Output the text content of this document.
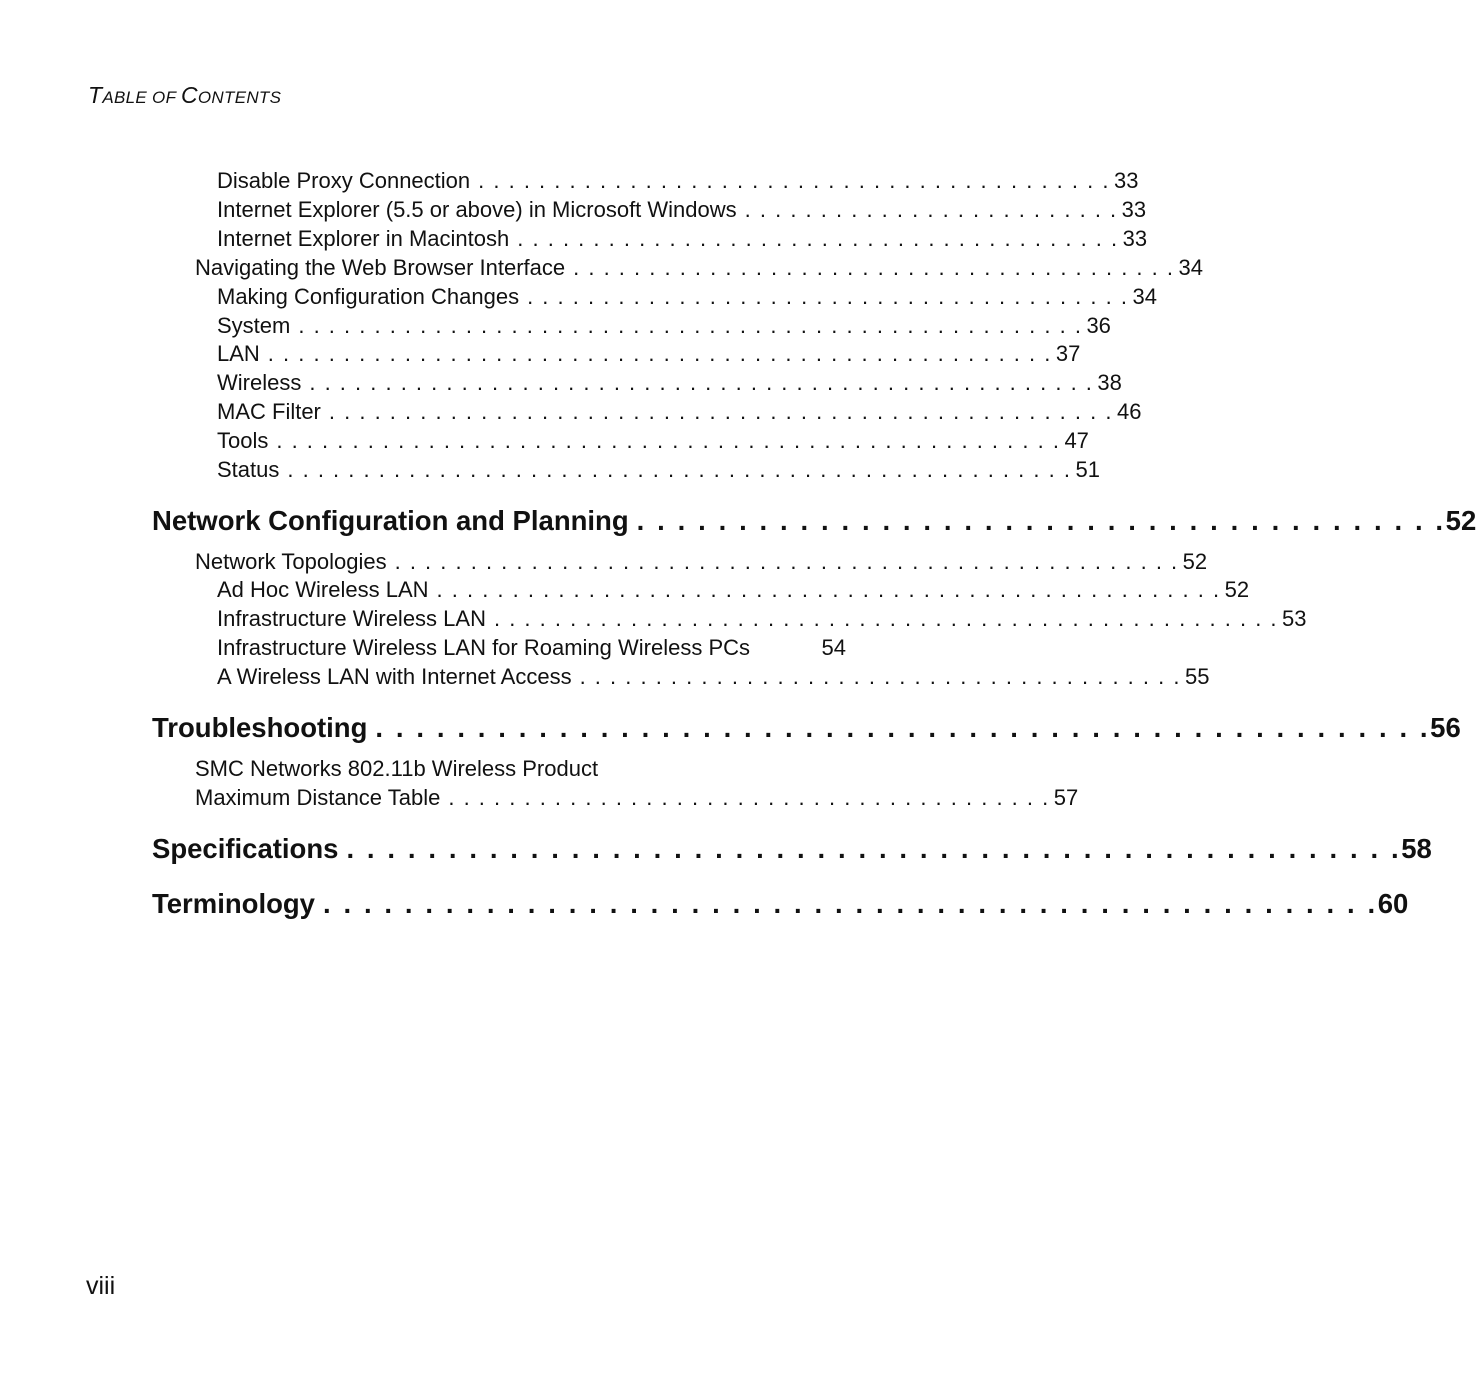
TABLE OF CONTENTS
Disable Proxy Connection . . . . . . . . . . . . . . . . . . . . . . . . . . . . . . . . . . . . . . . . . . 33
Internet Explorer (5.5 or above) in Microsoft Windows . . . . . . . . . . . . . . . . . . . . . . . . . 33
Internet Explorer in Macintosh . . . . . . . . . . . . . . . . . . . . . . . . . . . . . . . . . . . . . . . . 33
Navigating the Web Browser Interface . . . . . . . . . . . . . . . . . . . . . . . . . . . . . . . . . . . . . . . . 34
Making Configuration Changes . . . . . . . . . . . . . . . . . . . . . . . . . . . . . . . . . . . . . . . . 34
System . . . . . . . . . . . . . . . . . . . . . . . . . . . . . . . . . . . . . . . . . . . . . . . . . . . . 36
LAN . . . . . . . . . . . . . . . . . . . . . . . . . . . . . . . . . . . . . . . . . . . . . . . . . . . . 37
Wireless . . . . . . . . . . . . . . . . . . . . . . . . . . . . . . . . . . . . . . . . . . . . . . . . . . . . 38
MAC Filter . . . . . . . . . . . . . . . . . . . . . . . . . . . . . . . . . . . . . . . . . . . . . . . . . . . . 46
Tools . . . . . . . . . . . . . . . . . . . . . . . . . . . . . . . . . . . . . . . . . . . . . . . . . . . . 47
Status . . . . . . . . . . . . . . . . . . . . . . . . . . . . . . . . . . . . . . . . . . . . . . . . . . . . 51
Network Configuration and Planning . . . . . . . . . . . . . . . . . . . . . . . . . . . . . . . . . . . . . . . . 52
Network Topologies . . . . . . . . . . . . . . . . . . . . . . . . . . . . . . . . . . . . . . . . . . . . . . . . . . . . 52
Ad Hoc Wireless LAN . . . . . . . . . . . . . . . . . . . . . . . . . . . . . . . . . . . . . . . . . . . . . . . . . . . . 52
Infrastructure Wireless LAN . . . . . . . . . . . . . . . . . . . . . . . . . . . . . . . . . . . . . . . . . . . . . . . . . . . . 53
Infrastructure Wireless LAN for Roaming Wireless PCs	54
A Wireless LAN with Internet Access . . . . . . . . . . . . . . . . . . . . . . . . . . . . . . . . . . . . . . . . 55
Troubleshooting . . . . . . . . . . . . . . . . . . . . . . . . . . . . . . . . . . . . . . . . . . . . . . . . . . . . 56
SMC Networks 802.11b Wireless Product
Maximum Distance Table . . . . . . . . . . . . . . . . . . . . . . . . . . . . . . . . . . . . . . . . 57
Specifications . . . . . . . . . . . . . . . . . . . . . . . . . . . . . . . . . . . . . . . . . . . . . . . . . . . . 58
Terminology . . . . . . . . . . . . . . . . . . . . . . . . . . . . . . . . . . . . . . . . . . . . . . . . . . . . 60
viii
